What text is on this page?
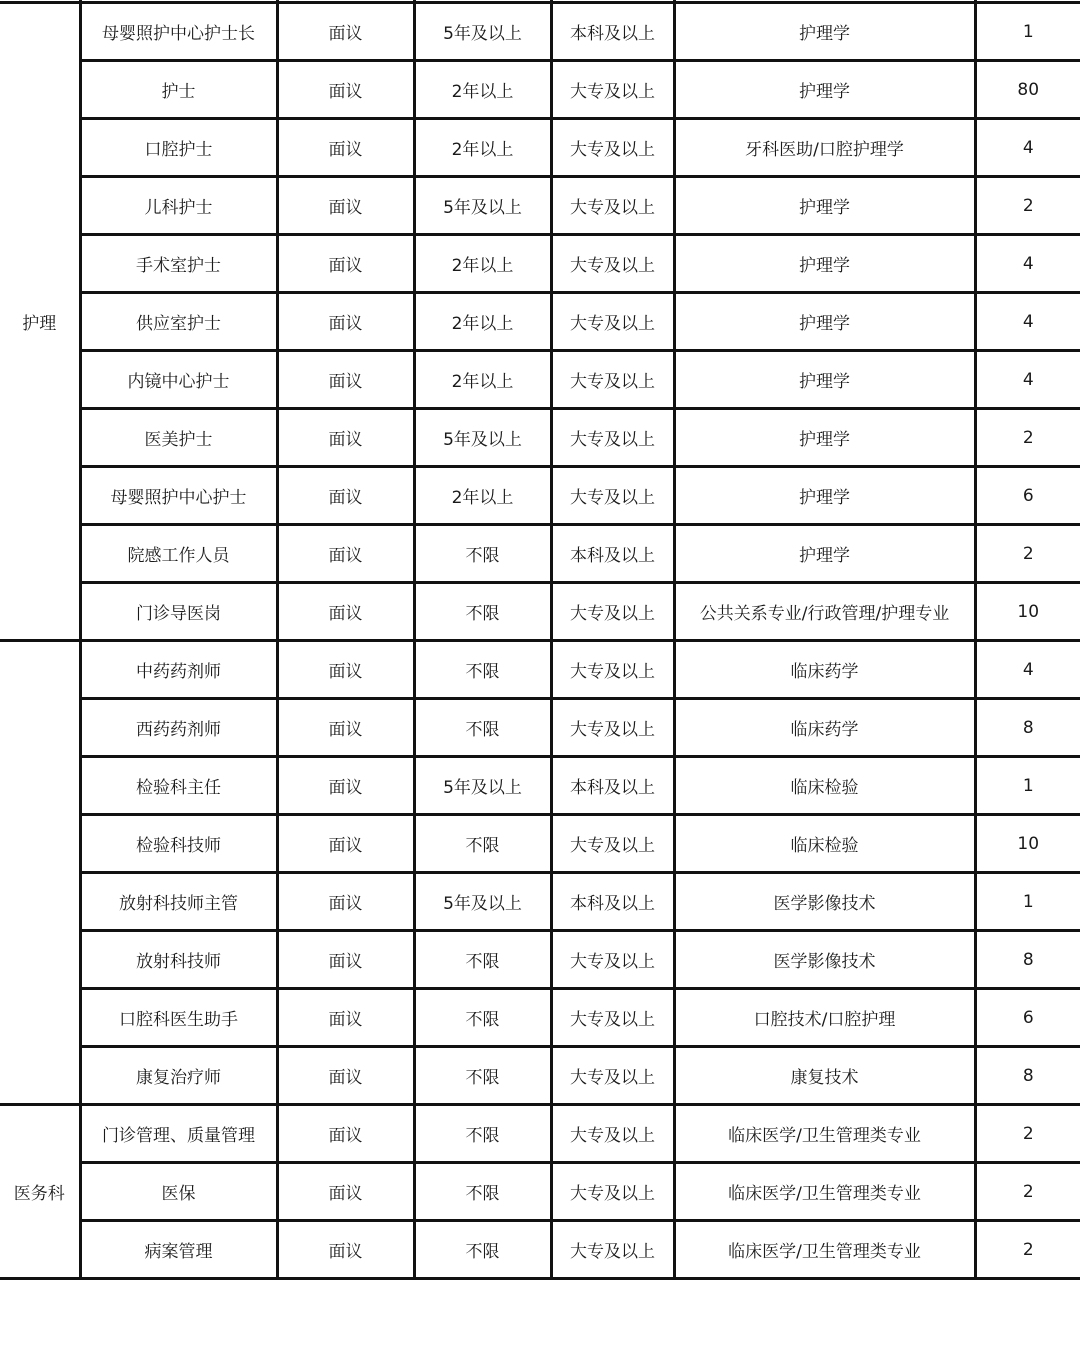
护理	母婴照护中心护士长	面议	5年及以上	本科及以上	护理学	1
	护士	面议	2年以上	大专及以上	护理学	80
	口腔护士	面议	2年以上	大专及以上	牙科医助/口腔护理学	4
	儿科护士	面议	5年及以上	大专及以上	护理学	2
	手术室护士	面议	2年以上	大专及以上	护理学	4
	供应室护士	面议	2年以上	大专及以上	护理学	4
	内镜中心护士	面议	2年以上	大专及以上	护理学	4
	医美护士	面议	5年及以上	大专及以上	护理学	2
	母婴照护中心护士	面议	2年以上	大专及以上	护理学	6
	院感工作人员	面议	不限	本科及以上	护理学	2
	门诊导医岗	面议	不限	大专及以上	公共关系专业/行政管理/护理专业	10
	中药药剂师	面议	不限	大专及以上	临床药学	4
	西药药剂师	面议	不限	大专及以上	临床药学	8
	检验科主任	面议	5年及以上	本科及以上	临床检验	1
	检验科技师	面议	不限	大专及以上	临床检验	10
	放射科技师主管	面议	5年及以上	本科及以上	医学影像技术	1
	放射科技师	面议	不限	大专及以上	医学影像技术	8
	口腔科医生助手	面议	不限	大专及以上	口腔技术/口腔护理	6
	康复治疗师	面议	不限	大专及以上	康复技术	8
医务科	门诊管理、质量管理	面议	不限	大专及以上	临床医学/卫生管理类专业	2
	医保	面议	不限	大专及以上	临床医学/卫生管理类专业	2
	病案管理	面议	不限	大专及以上	临床医学/卫生管理类专业	2
